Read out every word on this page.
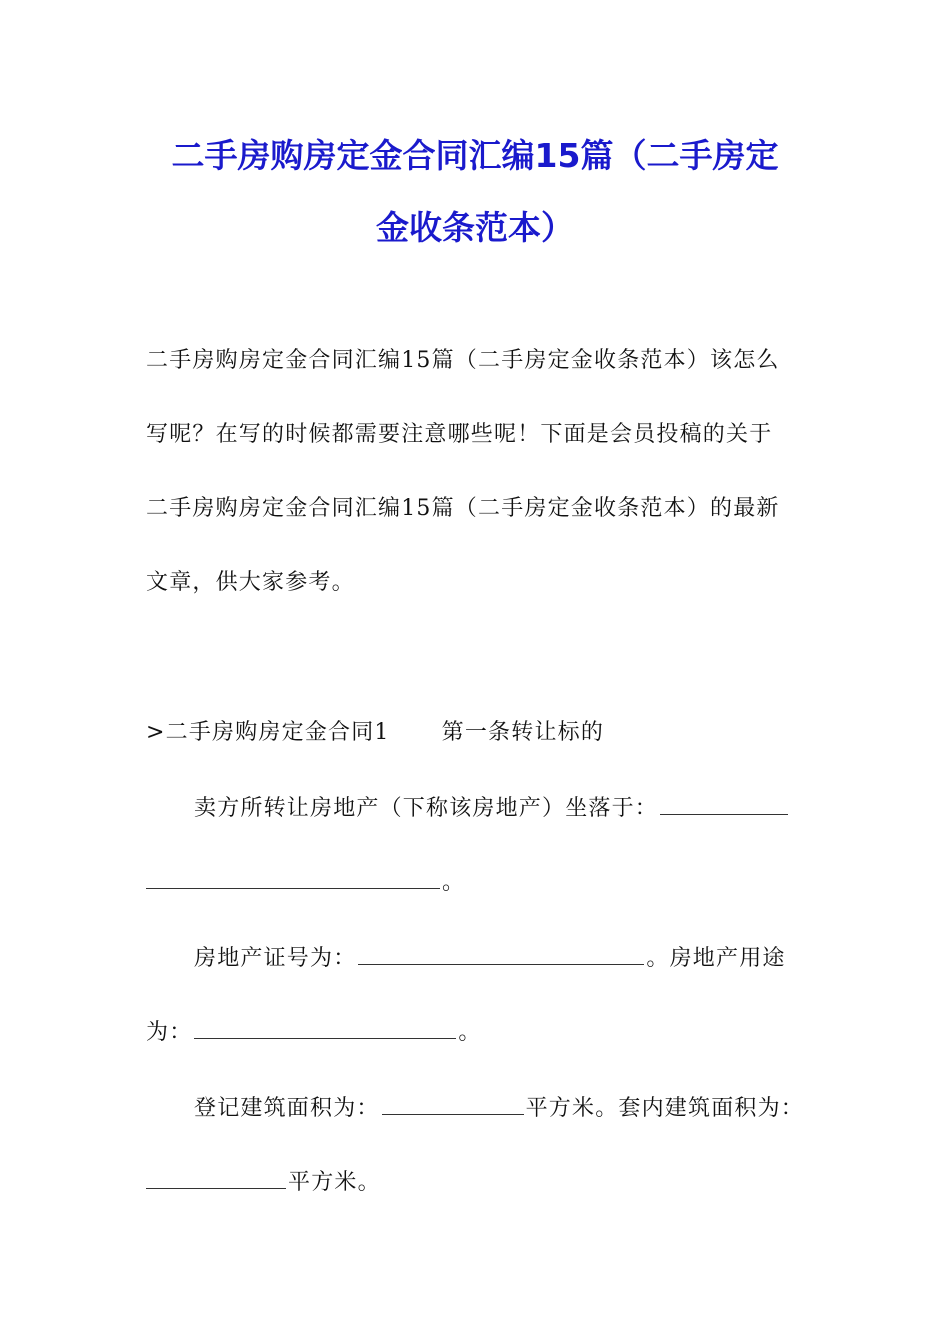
二手房购房定金合同汇编15篇（二手房定
金收条范本）
二手房购房定金合同汇编15篇（二手房定金收条范本）该怎么
写呢？在写的时候都需要注意哪些呢！下面是会员投稿的关于
二手房购房定金合同汇编15篇（二手房定金收条范本）的最新
文章，供大家参考。
>二手房购房定金合同1 第一条转让标的
卖方所转让房地产（下称该房地产）坐落于：
。
房地产证号为：	。房地产用途
为：	。
登记建筑面积为：	平方米。套内建筑面积为：
平方米。
